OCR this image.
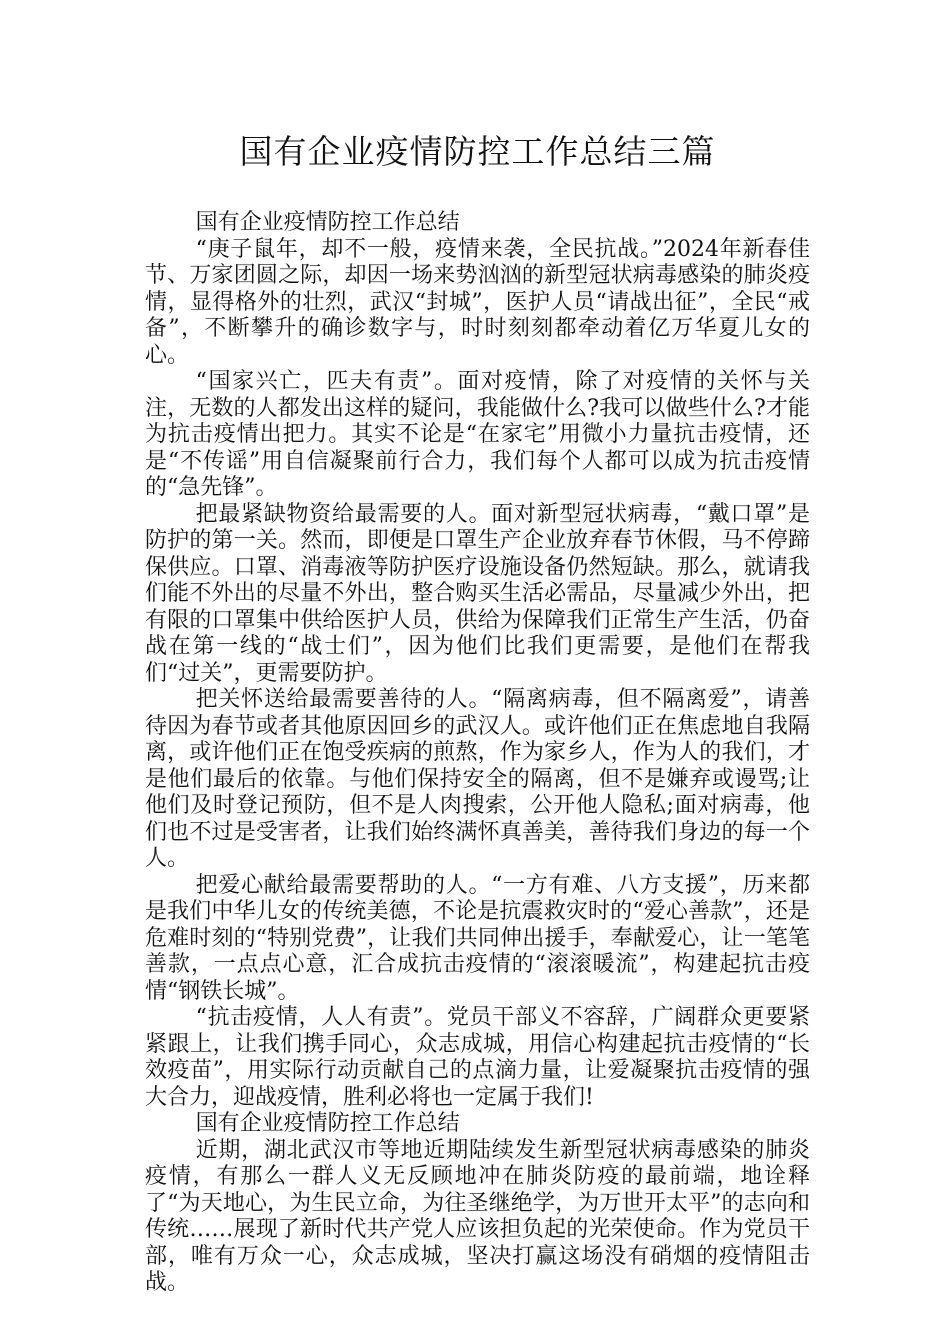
国有企业疫情防控工作总结三篇
国有企业疫情防控工作总结

“庚子鼠年，却不一般，疫情来袭，全民抗战。”2024年新春佳节、万家团圆之际，却因一场来势汹汹的新型冠状病毒感染的肺炎疫情，显得格外的壮烈，武汉“封城”，医护人员“请战出征”，全民“戒备”，不断攀升的确诊数字与，时时刻刻都牵动着亿万华夏儿女的心。

“国家兴亡，匹夫有责”。面对疫情，除了对疫情的关怀与关注，无数的人都发出这样的疑问，我能做什么?我可以做些什么?才能为抗击疫情出把力。其实不论是“在家宅”用微小力量抗击疫情，还是“不传谣”用自信凝聚前行合力，我们每个人都可以成为抗击疫情的“急先锋”。

把最紧缺物资给最需要的人。面对新型冠状病毒，“戴口罩”是防护的第一关。然而，即便是口罩生产企业放弃春节休假，马不停蹄保供应。口罩、消毒液等防护医疗设施设备仍然短缺。那么，就请我们能不外出的尽量不外出，整合购买生活必需品，尽量减少外出，把有限的口罩集中供给医护人员，供给为保障我们正常生产生活，仍奋战在第一线的“战士们”，因为他们比我们更需要，是他们在帮我们“过关”，更需要防护。

把关怀送给最需要善待的人。“隔离病毒，但不隔离爱”，请善待因为春节或者其他原因回乡的武汉人。或许他们正在焦虑地自我隔离，或许他们正在饱受疾病的煎熬，作为家乡人，作为人的我们，才是他们最后的依靠。与他们保持安全的隔离，但不是嫌弃或谩骂;让他们及时登记预防，但不是人肉搜索，公开他人隐私;面对病毒，他们也不过是受害者，让我们始终满怀真善美，善待我们身边的每一个人。

把爱心献给最需要帮助的人。“一方有难、八方支援”，历来都是我们中华儿女的传统美德，不论是抗震救灾时的“爱心善款”，还是危难时刻的“特别党费”，让我们共同伸出援手，奉献爱心，让一笔笔善款，一点点心意，汇合成抗击疫情的“滚滚暖流”，构建起抗击疫情“钢铁长城”。

“抗击疫情，人人有责”。党员干部义不容辞，广阔群众更要紧紧跟上，让我们携手同心，众志成城，用信心构建起抗击疫情的“长效疫苗”，用实际行动贡献自己的点滴力量，让爱凝聚抗击疫情的强大合力，迎战疫情，胜利必将也一定属于我们!

国有企业疫情防控工作总结

近期，湖北武汉市等地近期陆续发生新型冠状病毒感染的肺炎疫情，有那么一群人义无反顾地冲在肺炎防疫的最前端，地诠释了“为天地心，为生民立命，为往圣继绝学，为万世开太平”的志向和传统……展现了新时代共产党人应该担负起的光荣使命。作为党员干部，唯有万众一心，众志成城，坚决打赢这场没有硝烟的疫情阻击战。
